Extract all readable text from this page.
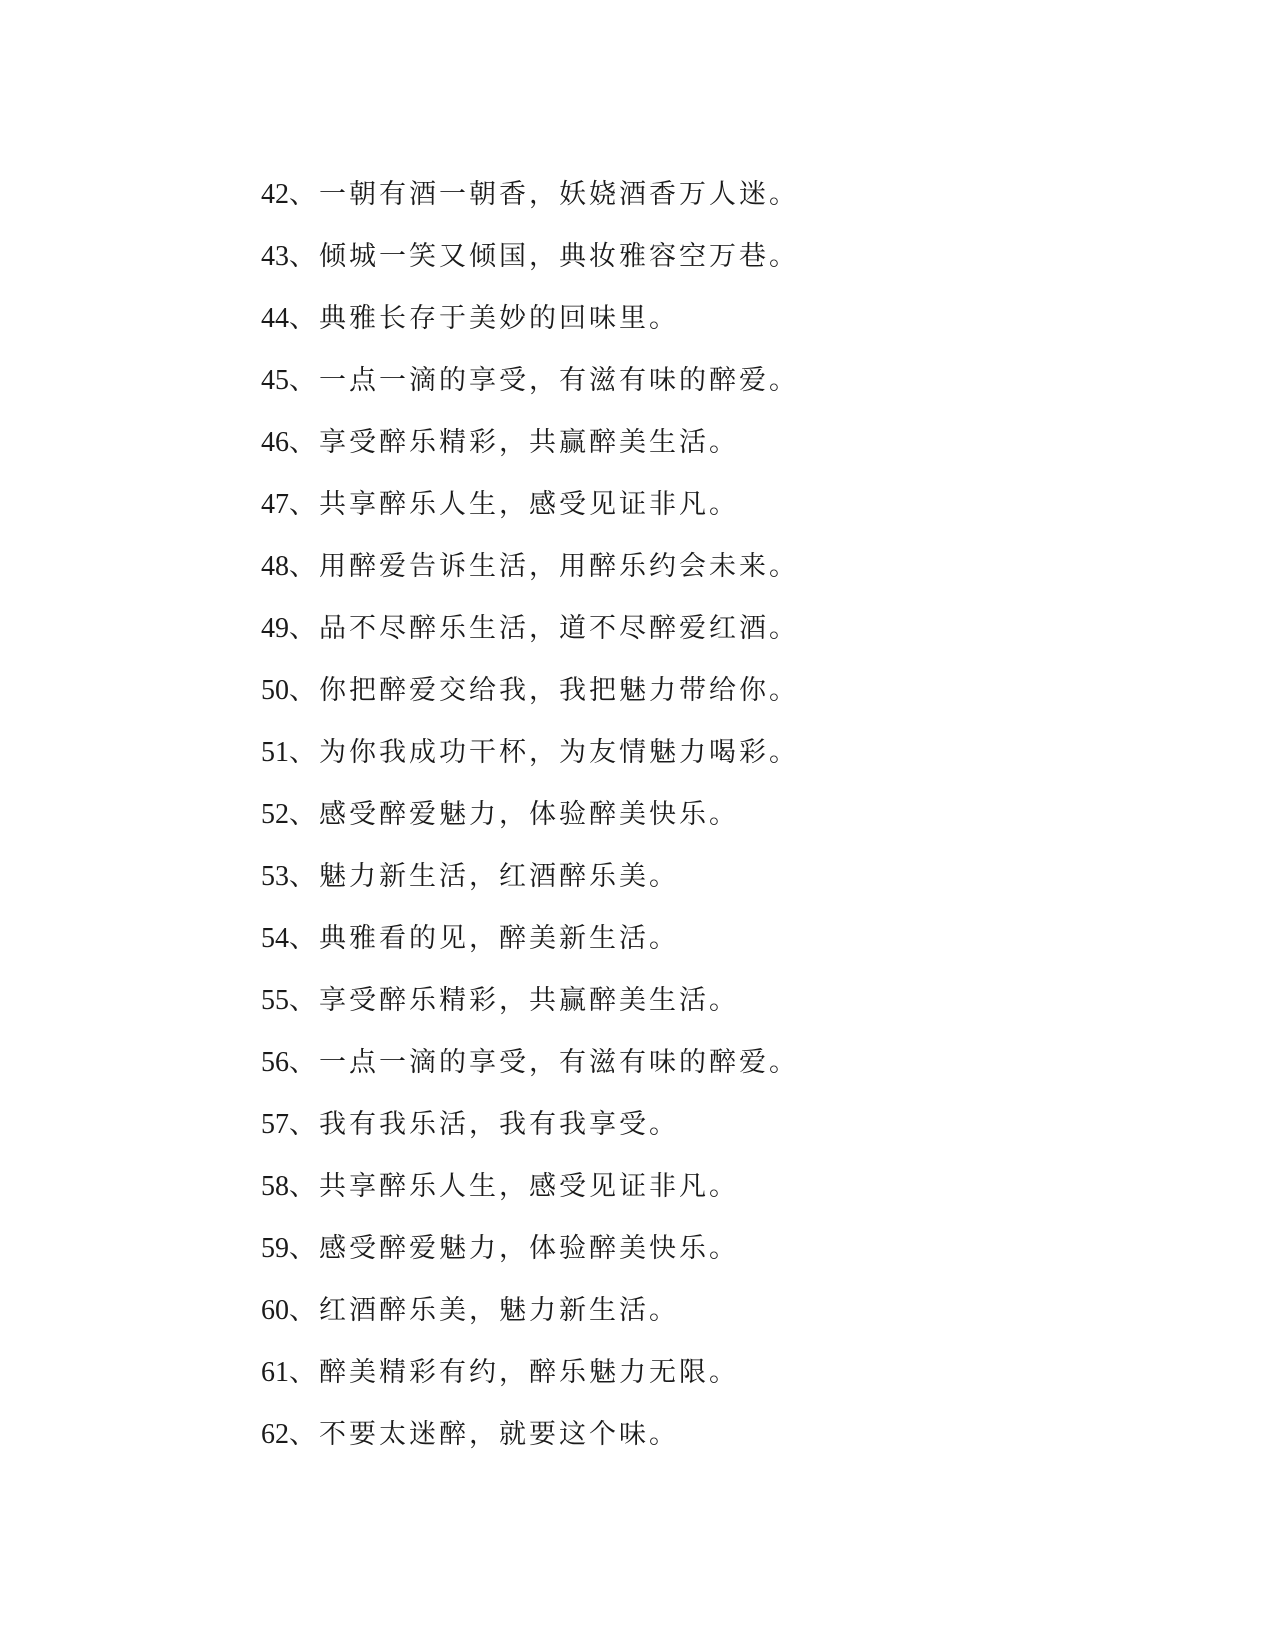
42、一朝有酒一朝香，妖娆酒香万人迷。
43、倾城一笑又倾国，典妆雅容空万巷。
44、典雅长存于美妙的回味里。
45、一点一滴的享受，有滋有味的醉爱。
46、享受醉乐精彩，共赢醉美生活。
47、共享醉乐人生，感受见证非凡。
48、用醉爱告诉生活，用醉乐约会未来。
49、品不尽醉乐生活，道不尽醉爱红酒。
50、你把醉爱交给我，我把魅力带给你。
51、为你我成功干杯，为友情魅力喝彩。
52、感受醉爱魅力，体验醉美快乐。
53、魅力新生活，红酒醉乐美。
54、典雅看的见，醉美新生活。
55、享受醉乐精彩，共赢醉美生活。
56、一点一滴的享受，有滋有味的醉爱。
57、我有我乐活，我有我享受。
58、共享醉乐人生，感受见证非凡。
59、感受醉爱魅力，体验醉美快乐。
60、红酒醉乐美，魅力新生活。
61、醉美精彩有约，醉乐魅力无限。
62、不要太迷醉，就要这个味。
